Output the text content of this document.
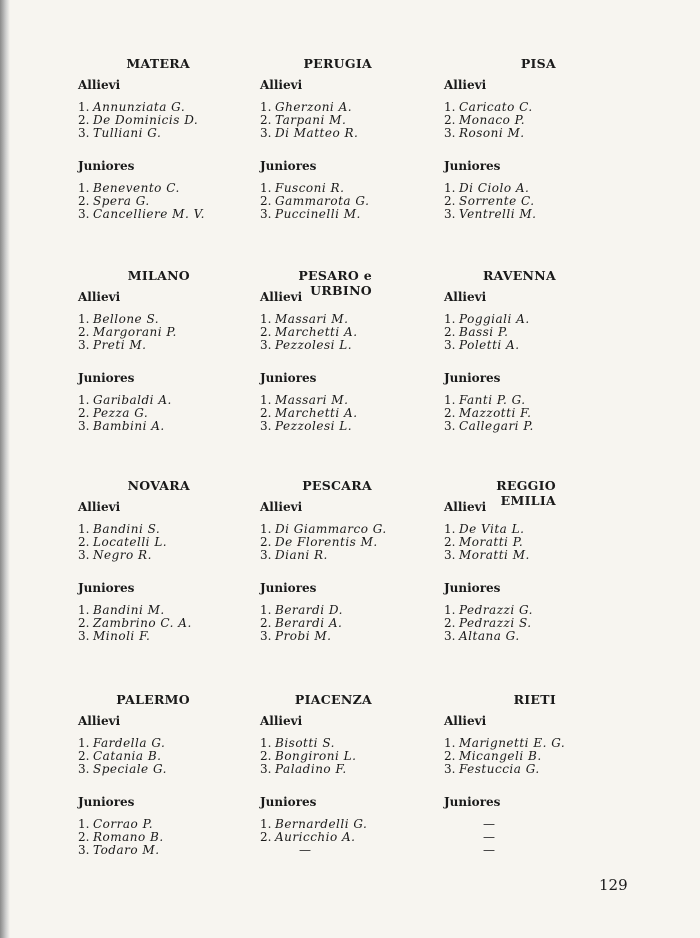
MATERA
Allievi
1. Annunziata G.
2. De Dominicis D.
3. Tulliani G.
Juniores
1. Benevento C.
2. Spera G.
3. Cancelliere M. V.
PERUGIA
Allievi
1. Gherzoni A.
2. Tarpani M.
3. Di Matteo R.
Juniores
1. Fusconi R.
2. Gammarota G.
3. Puccinelli M.
PISA
Allievi
1. Caricato C.
2. Monaco P.
3. Rosoni M.
Juniores
1. Di Ciolo A.
2. Sorrente C.
3. Ventrelli M.
MILANO
Allievi
1. Bellone S.
2. Margorani P.
3. Preti M.
Juniores
1. Garibaldi A.
2. Pezza G.
3. Bambini A.
PESARO e URBINO
Allievi
1. Massari M.
2. Marchetti A.
3. Pezzolesi L.
Juniores
1. Massari M.
2. Marchetti A.
3. Pezzolesi L.
RAVENNA
Allievi
1. Poggiali A.
2. Bassi P.
3. Poletti A.
Juniores
1. Fanti P. G.
2. Mazzotti F.
3. Callegari P.
NOVARA
Allievi
1. Bandini S.
2. Locatelli L.
3. Negro R.
Juniores
1. Bandini M.
2. Zambrino C. A.
3. Minoli F.
PESCARA
Allievi
1. Di Giammarco G.
2. De Florentis M.
3. Diani R.
Juniores
1. Berardi D.
2. Berardi A.
3. Probi M.
REGGIO EMILIA
Allievi
1. De Vita L.
2. Moratti P.
3. Moratti M.
Juniores
1. Pedrazzi G.
2. Pedrazzi S.
3. Altana G.
PALERMO
Allievi
1. Fardella G.
2. Catania B.
3. Speciale G.
Juniores
1. Corrao P.
2. Romano B.
3. Todaro M.
PIACENZA
Allievi
1. Bisotti S.
2. Bongironi L.
3. Paladino F.
Juniores
1. Bernardelli G.
2. Auricchio A.
—
RIETI
Allievi
1. Marignetti E. G.
2. Micangeli B.
3. Festuccia G.
Juniores
—
—
—
129
